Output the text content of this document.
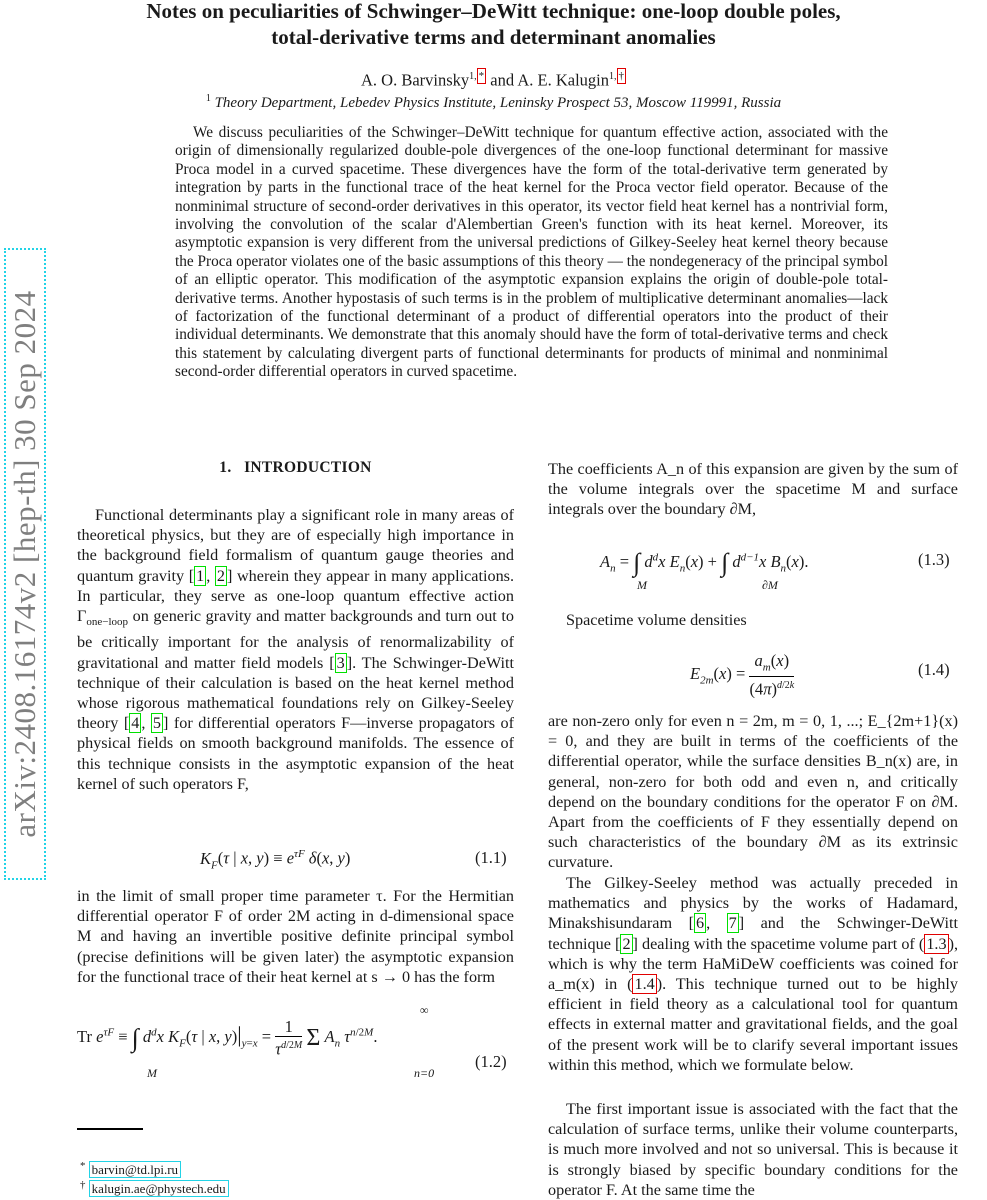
Notes on peculiarities of Schwinger–DeWitt technique: one-loop double poles,
total-derivative terms and determinant anomalies
A. O. Barvinsky$^{1,}$ * and A. E. Kalugin$^{1,}$ †
$^1$ Theory Department, Lebedev Physics Institute, Leninsky Prospect 53, Moscow 119991, Russia

We discuss peculiarities of the Schwinger–DeWitt technique for quantum effective action, associated with the origin of dimensionally regularized double-pole divergences of the one-loop functional determinant for massive Proca model in a curved spacetime. These divergences have the form of the total-derivative term generated by integration by parts in the functional trace of the heat kernel for the Proca vector field operator. Because of the nonminimal structure of second-order derivatives in this operator, its vector field heat kernel has a nontrivial form, involving the convolution of the scalar d'Alembertian Green's function with its heat kernel. Moreover, its asymptotic expansion is very different from the universal predictions of Gilkey-Seeley heat kernel theory because the Proca operator violates one of the basic assumptions of this theory — the nondegeneracy of the principal symbol of an elliptic operator. This modification of the asymptotic expansion explains the origin of double-pole total-derivative terms. Another hypostasis of such terms is in the problem of multiplicative determinant anomalies—lack of factorization of the functional determinant of a product of differential operators into the product of their individual determinants. We demonstrate that this anomaly should have the form of total-derivative terms and check this statement by calculating divergent parts of functional determinants for products of minimal and nonminimal second-order differential operators in curved spacetime.

arXiv:2408.16174v2 [hep-th] 30 Sep 2024	1. INTRODUCTION

Functional determinants play a significant role in many areas of theoretical physics, but they are of especially high importance in the background field formalism of quantum gauge theories and quantum gravity [ 1 , 2 ] wherein they appear in many applications. In particular, they serve as one-loop quantum effective action $\Gamma_{one-loop}$ on generic gravity and matter backgrounds and turn out to be critically important for the analysis of renormalizability of gravitational and matter field models [ 3 ]. The Schwinger-DeWitt technique of their calculation is based on the heat kernel method whose rigorous mathematical foundations rely on Gilkey-Seeley theory [ 4 , 5 ] for differential operators F—inverse propagators of physical fields on smooth background manifolds. The essence of this technique consists in the asymptotic expansion of the heat kernel of such operators F,

$K_F(\tau$ | x, $y) \equiv e^{\tau F}$ δ(x, y)	(1.1)

in the limit of small proper time parameter τ. For the Hermitian differential operator F of order 2M acting in d-dimensional space M and having an invertible positive definite principal symbol (precise definitions will be given later) the asymptotic expansion for the functional trace of their heat kernel at s → 0 has the form

Tr $e^{\tau F}$ ≡ ∫ $d^dx$ $K_F(\tau$ | x, $y)|_{y=x} = \frac{1}{\tau^{d/2M}}$ Σ $A_n$ $\tau^{n/2M}$.
M
∞
n=0
(1.2)
* barvin@td.lpi.ru
† kalugin.ae@phystech.edu

The coefficients A_n of this expansion are given by the sum of the volume integrals over the spacetime M and surface integrals over the boundary ∂M,

$A_n$ = ∫ $d^dx$ $E_n(x)$ + ∫ $d^{d-1}x$ $B_n(x)$.
M	∂M
(1.3)

Spacetime volume densities

$E_{2m}(x) = \frac{a_m(x)}{(4\pi)^{d/2k}}$	(1.4)

are non-zero only for even n = 2m, m = 0, 1, ...; E_{2m+1}(x) = 0, and they are built in terms of the coefficients of the differential operator, while the surface densities B_n(x) are, in general, non-zero for both odd and even n, and critically depend on the boundary conditions for the operator F on ∂M. Apart from the coefficients of F they essentially depend on such characteristics of the boundary ∂M as its extrinsic curvature.

The Gilkey-Seeley method was actually preceded in mathematics and physics by the works of Hadamard, Minakshisundaram [ 6 , 7 ] and the Schwinger-DeWitt technique [ 2 ] dealing with the spacetime volume part of ( 1.3 ), which is why the term HaMiDeW coefficients was coined for a_m(x) in ( 1.4 ). This technique turned out to be highly efficient in field theory as a calculational tool for quantum effects in external matter and gravitational fields, and the goal of the present work will be to clarify several important issues within this method, which we formulate below.

The first important issue is associated with the fact that the calculation of surface terms, unlike their volume counterparts, is much more involved and not so universal. This is because it is strongly biased by specific boundary conditions for the operator F. At the same time the
